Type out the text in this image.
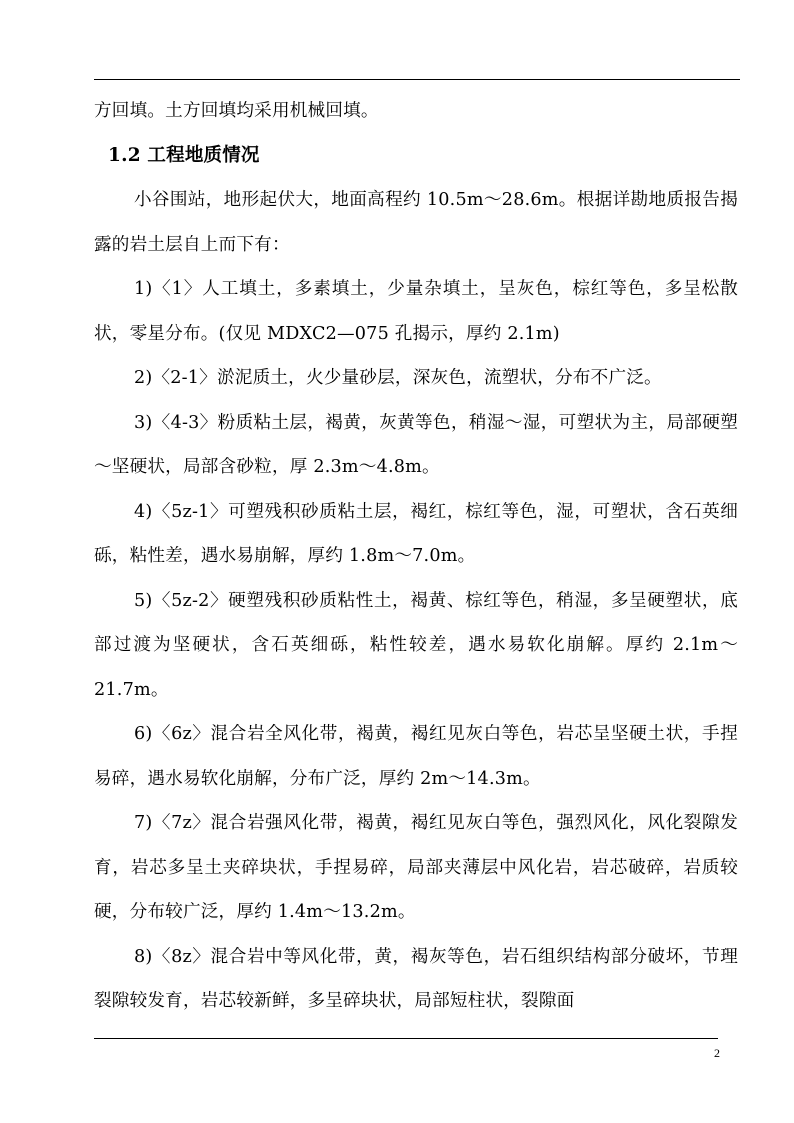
方回填。土方回填均采用机械回填。

1.2 工程地质情况

小谷围站，地形起伏大，地面高程约 10.5m～28.6m。根据详勘地质报告揭露的岩土层自上而下有：

1)〈1〉人工填土，多素填土，少量杂填土，呈灰色，棕红等色，多呈松散状，零星分布。(仅见 MDXC2—075 孔揭示，厚约 2.1m)

2)〈2-1〉淤泥质土，火少量砂层，深灰色，流塑状，分布不广泛。

3)〈4-3〉粉质粘土层，褐黄，灰黄等色，稍湿～湿，可塑状为主，局部硬塑～坚硬状，局部含砂粒，厚 2.3m～4.8m。

4)〈5z-1〉可塑残积砂质粘土层，褐红，棕红等色，湿，可塑状，含石英细砾，粘性差，遇水易崩解，厚约 1.8m～7.0m。

5)〈5z-2〉硬塑残积砂质粘性土，褐黄、棕红等色，稍湿，多呈硬塑状，底部过渡为坚硬状，含石英细砾，粘性较差，遇水易软化崩解。厚约 2.1m～21.7m。

6)〈6z〉混合岩全风化带，褐黄，褐红见灰白等色，岩芯呈坚硬土状，手捏易碎，遇水易软化崩解，分布广泛，厚约 2m～14.3m。

7)〈7z〉混合岩强风化带，褐黄，褐红见灰白等色，强烈风化，风化裂隙发育，岩芯多呈土夹碎块状，手捏易碎，局部夹薄层中风化岩，岩芯破碎，岩质较硬，分布较广泛，厚约 1.4m～13.2m。

8)〈8z〉混合岩中等风化带，黄，褐灰等色，岩石组织结构部分破坏，节理裂隙较发育，岩芯较新鲜，多呈碎块状，局部短柱状，裂隙面

2
